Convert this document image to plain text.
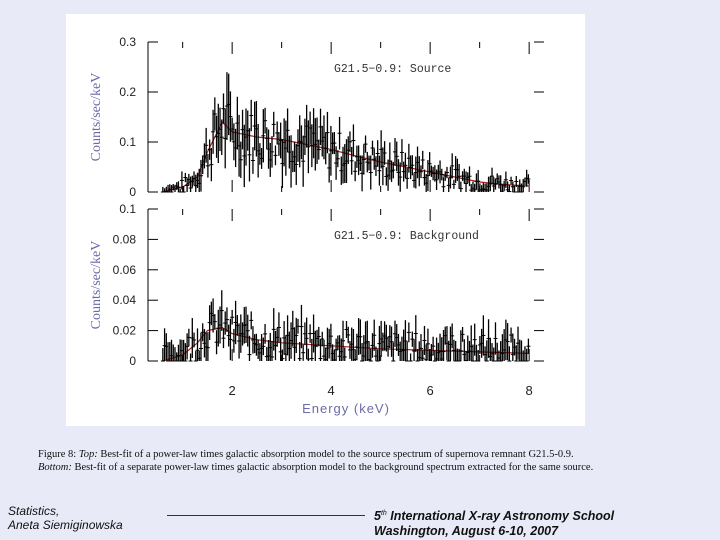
0
0.1
0.2
0.3
Counts/sec/keV
G21.5−0.9: Source
0
0.02
0.04
0.06
0.08
0.1
Counts/sec/keV
G21.5−0.9: Background
2	4	6	8
Energy (keV)
Figure 8: Top: Best-fit of a power-law times galactic absorption model to the source spectrum of supernova remnant G21.5-0.9.
Bottom: Best-fit of a separate power-law times galactic absorption model to the background spectrum extracted for the same source.
Statistics,
Aneta Siemiginowska
5th International X-ray Astronomy School
Washington, August 6-10, 2007
